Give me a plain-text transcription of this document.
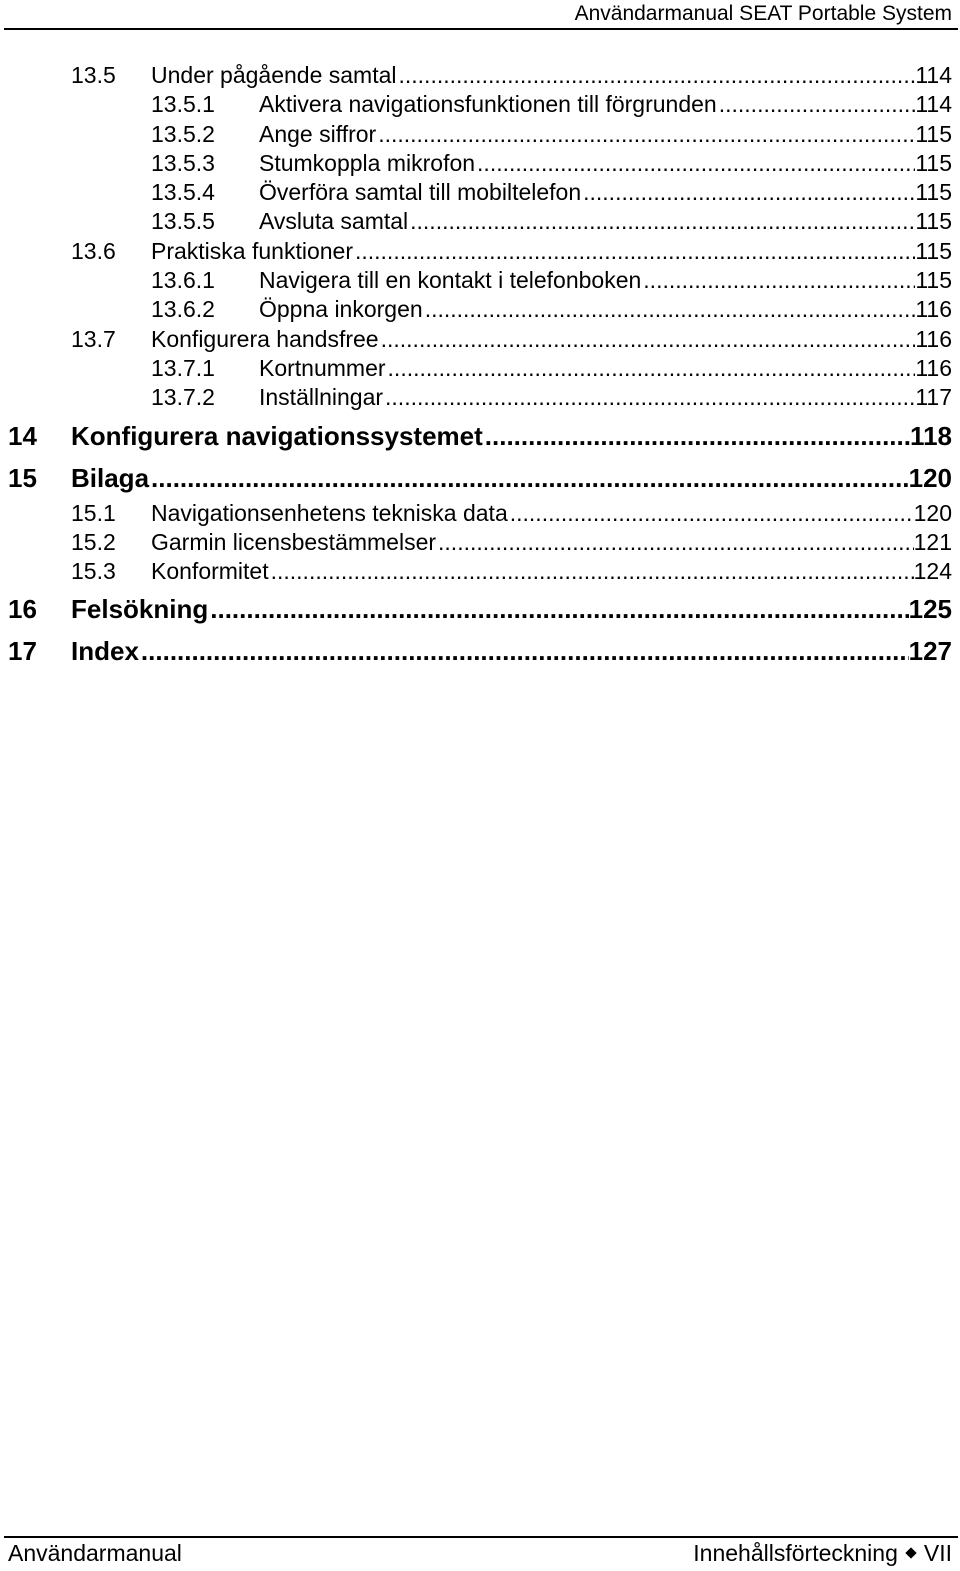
Användarmanual SEAT Portable System
13.5	Under pågående samtal .....	114
13.5.1	Aktivera navigationsfunktionen till förgrunden .....	114
13.5.2	Ange siffror .....	115
13.5.3	Stumkoppla mikrofon .....	115
13.5.4	Överföra samtal till mobiltelefon .....	115
13.5.5	Avsluta samtal .....	115
13.6	Praktiska funktioner .....	115
13.6.1	Navigera till en kontakt i telefonboken .....	115
13.6.2	Öppna inkorgen .....	116
13.7	Konfigurera handsfree .....	116
13.7.1	Kortnummer .....	116
13.7.2	Inställningar .....	117
14	Konfigurera navigationssystemet .....	118
15	Bilaga .....	120
15.1	Navigationsenhetens tekniska data .....	120
15.2	Garmin licensbestämmelser .....	121
15.3	Konformitet .....	124
16	Felsökning .....	125
17	Index .....	127
Användarmanual	Innehållsförteckning VII
